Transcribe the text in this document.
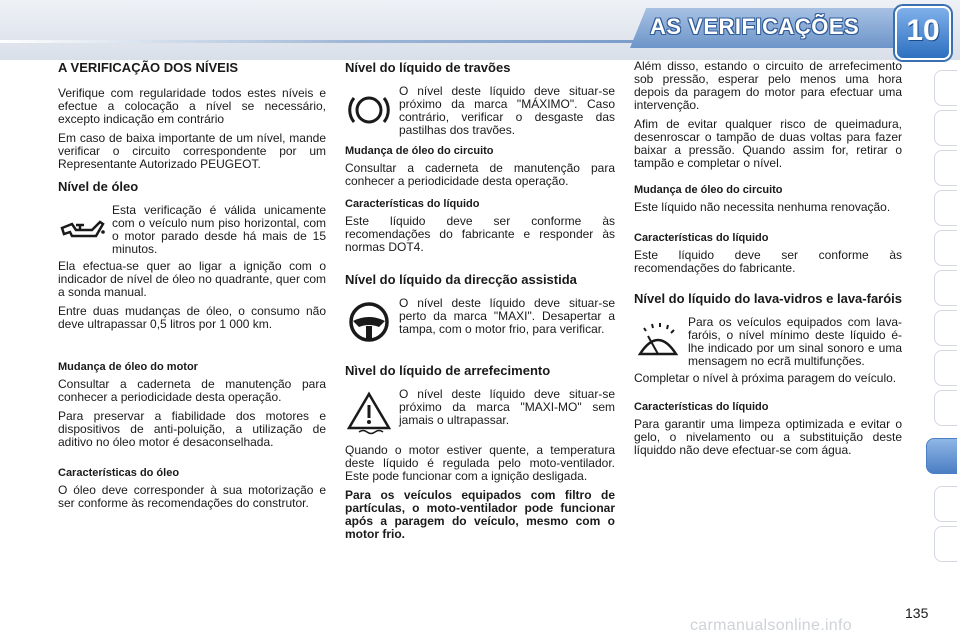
AS VERIFICAÇÕES	10
A VERIFICAÇÃO DOS NÍVEIS

Verifique com regularidade todos estes níveis e efectue a colocação a nível se necessário, excepto indicação em contrário

Em caso de baixa importante de um nível, mande verificar o circuito correspondente por um Representante Autorizado PEUGEOT.

Nível de óleo
Esta verificação é válida unicamente com o veículo num piso horizontal, com o motor parado desde há mais de 15 minutos.

Ela efectua-se quer ao ligar a ignição com o indicador de nível de óleo no quadrante, quer com a sonda manual.

Entre duas mudanças de óleo, o consumo não deve ultrapassar 0,5 litros por 1 000 km.

Mudança de óleo do motor

Consultar a caderneta de manutenção para conhecer a periodicidade desta operação.

Para preservar a fiabilidade dos motores e dispositivos de anti-poluição, a utilização de aditivo no óleo motor é desaconselhada.

Características do óleo

O óleo deve corresponder à sua motorização e ser conforme às recomendações do construtor.

Nível do líquido de travões
O nível deste líquido deve situar-se próximo da marca "MÁXIMO". Caso contrário, verificar o desgaste das pastilhas dos travões.
Mudança de óleo do circuito

Consultar a caderneta de manutenção para conhecer a periodicidade desta operação.

Características do líquido

Este líquido deve ser conforme às recomendações do fabricante e responder às normas DOT4.

Nível do líquido da direcção assistida
O nível deste líquido deve situar-se perto da marca "MAXI". Desapertar a tampa, com o motor frio, para verificar.
Nìvel do líquido de arrefecimento
O nível deste líquido deve situar-se próximo da marca "MAXI-MO" sem jamais o ultrapassar.

Quando o motor estiver quente, a temperatura deste líquido é regulada pelo moto-ventilador. Este pode funcionar com a ignição desligada.

Para os veículos equipados com filtro de partículas, o moto-ventilador pode funcionar após a paragem do veículo, mesmo com o motor frio.

Além disso, estando o circuito de arrefecimento sob pressão, esperar pelo menos uma hora depois da paragem do motor para efectuar uma intervenção.

Afim de evitar qualquer risco de queimadura, desenroscar o tampão de duas voltas para fazer baixar a pressão. Quando assim for, retirar o tampão e completar o nível.

Mudança de óleo do circuito

Este líquido não necessita nenhuma renovação.

Características do líquido

Este líquido deve ser conforme às recomendações do fabricante.

Nível do líquido do lava-vidros e lava-faróis
Para os veículos equipados com lava-faróis, o nível mínimo deste líquido é-lhe indicado por um sinal sonoro e uma mensagem no ecrã multifunções.

Completar o nível à próxima paragem do veículo.

Características do líquido

Para garantir uma limpeza optimizada e evitar o gelo, o nivelamento ou a substituição deste líquiddo não deve efectuar-se com água.

135
carmanualsonline.info
